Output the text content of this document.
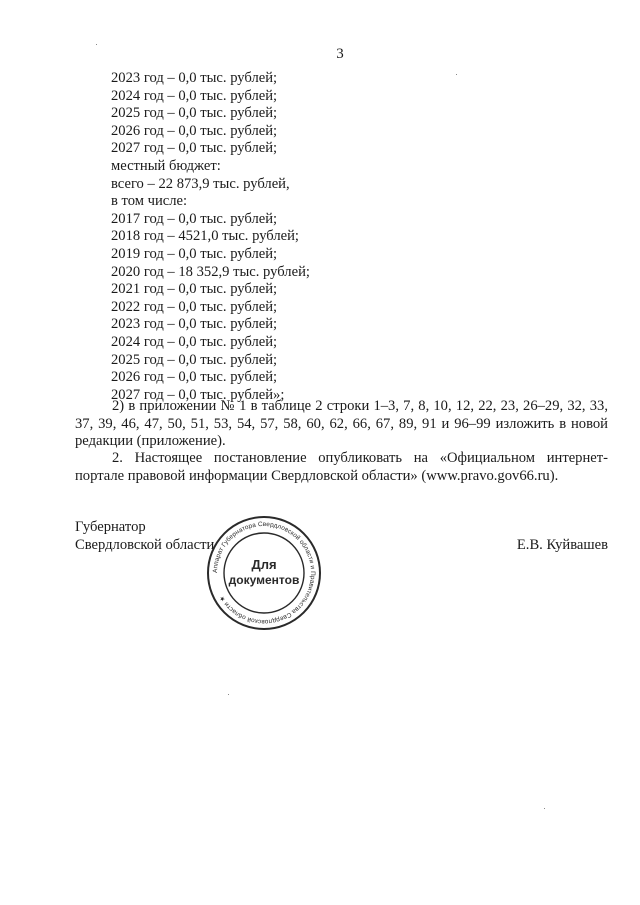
3
2023 год – 0,0 тыс. рублей;
2024 год – 0,0 тыс. рублей;
2025 год – 0,0 тыс. рублей;
2026 год – 0,0 тыс. рублей;
2027 год – 0,0 тыс. рублей;
местный бюджет:
всего – 22 873,9 тыс. рублей,
в том числе:
2017 год – 0,0 тыс. рублей;
2018 год – 4521,0 тыс. рублей;
2019 год – 0,0 тыс. рублей;
2020 год – 18 352,9 тыс. рублей;
2021 год – 0,0 тыс. рублей;
2022 год – 0,0 тыс. рублей;
2023 год – 0,0 тыс. рублей;
2024 год – 0,0 тыс. рублей;
2025 год – 0,0 тыс. рублей;
2026 год – 0,0 тыс. рублей;
2027 год – 0,0 тыс. рублей»;

2) в приложении № 1 в таблице 2 строки 1–3, 7, 8, 10, 12, 22, 23, 26–29, 32, 33, 37, 39, 46, 47, 50, 51, 53, 54, 57, 58, 60, 62, 66, 67, 89, 91 и 96–99 изложить в новой редакции (приложение).

2. Настоящее постановление опубликовать на «Официальном интернет-портале правовой информации Свердловской области» (www.pravo.gov66.ru).

Губернатор
Свердловской области	Е.В. Куйвашев
Аппарат Губернатора Свердловской области и Правительства Свердловской области ★
Для
документов
